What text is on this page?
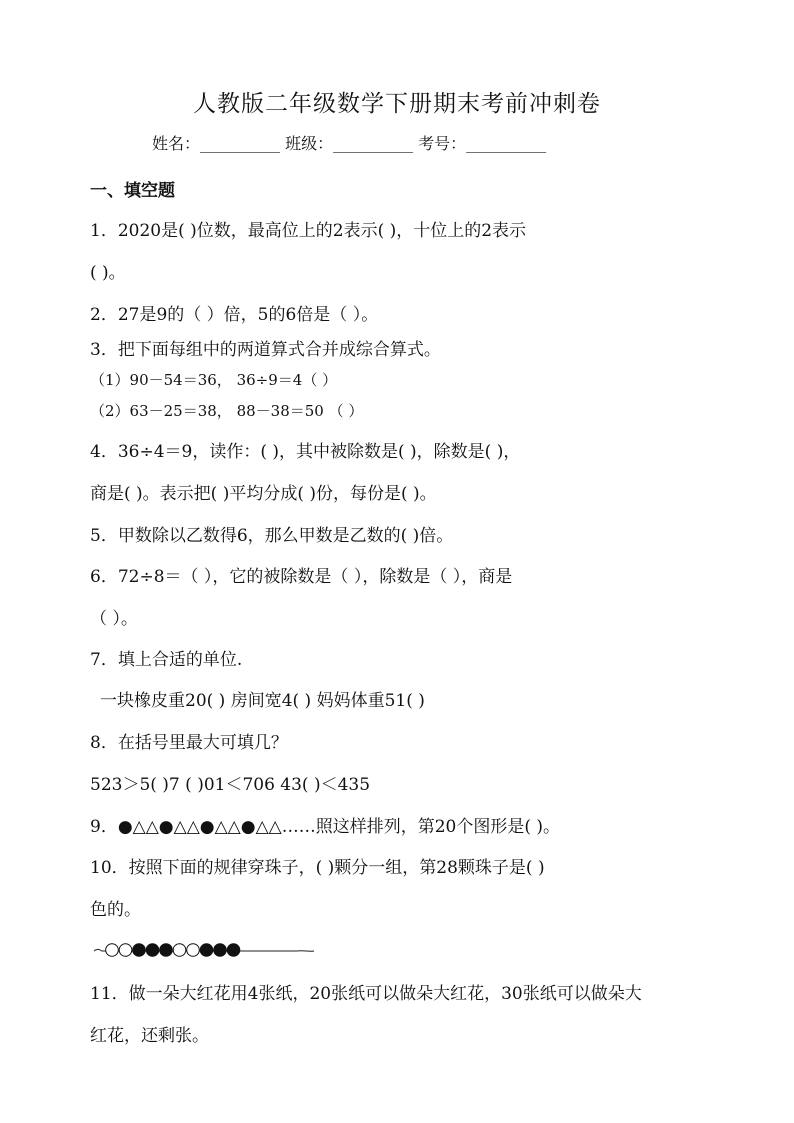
人教版二年级数学下册期末考前冲刺卷
姓名：__________ 班级：__________ 考号：__________
一、填空题
1．2020是( )位数，最高位上的2表示( )，十位上的2表示
( )。
2．27是9的（ ）倍，5的6倍是（ ）。
3．把下面每组中的两道算式合并成综合算式。
（1）90－54＝36， 36÷9＝4（ ）
（2）63－25＝38， 88－38＝50 （ ）
4．36÷4＝9，读作：( )，其中被除数是( )，除数是( )，
商是( )。表示把( )平均分成( )份，每份是( )。
5．甲数除以乙数得6，那么甲数是乙数的( )倍。
6．72÷8＝（ ），它的被除数是（ ），除数是（ ），商是
（ ）。
7．填上合适的单位.
一块橡皮重20( ) 房间宽4( ) 妈妈体重51( )
8．在括号里最大可填几？
523＞5( )7 ( )01＜706 43( )＜435
9．●△△●△△●△△●△△……照这样排列，第20个图形是( )。
10．按照下面的规律穿珠子，( )颗分一组，第28颗珠子是( )
色的。
11．做一朵大红花用4张纸，20张纸可以做朵大红花，30张纸可以做朵大
红花，还剩张。
